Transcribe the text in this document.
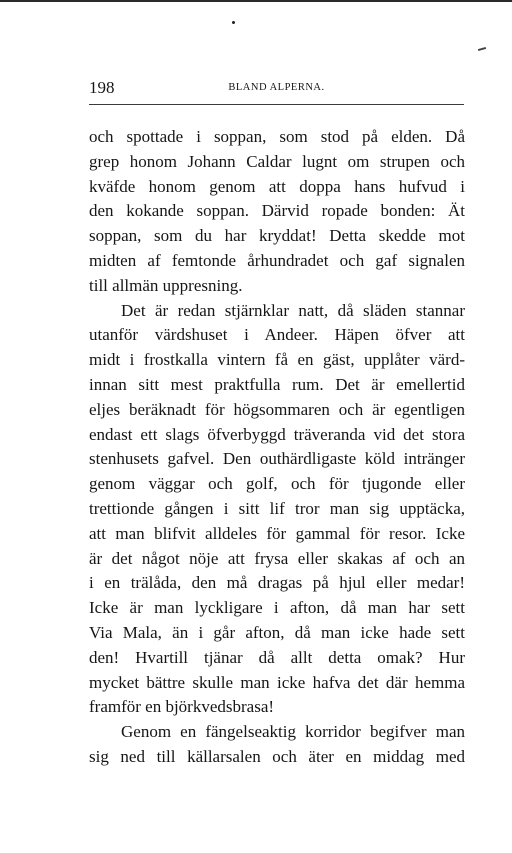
198	BLAND ALPERNA.
och spottade i soppan, som stod på elden. Då
grep honom Johann Caldar lugnt om strupen och
kväfde honom genom att doppa hans hufvud i
den kokande soppan. Därvid ropade bonden: Ät
soppan, som du har kryddat! Detta skedde mot
midten af femtonde århundradet och gaf signalen
till allmän uppresning.
Det är redan stjärnklar natt, då släden stannar
utanför värdshuset i Andeer. Häpen öfver att
midt i frostkalla vintern få en gäst, upplåter värd-
innan sitt mest praktfulla rum. Det är emellertid
eljes beräknadt för högsommaren och är egentligen
endast ett slags öfverbyggd träveranda vid det stora
stenhusets gafvel. Den outhärdligaste köld intränger
genom väggar och golf, och för tjugonde eller
trettionde gången i sitt lif tror man sig upptäcka,
att man blifvit alldeles för gammal för resor. Icke
är det något nöje att frysa eller skakas af och an
i en trälåda, den må dragas på hjul eller medar!
Icke är man lyckligare i afton, då man har sett
Via Mala, än i går afton, då man icke hade sett
den! Hvartill tjänar då allt detta omak? Hur
mycket bättre skulle man icke hafva det där hemma
framför en björkvedsbrasa!
Genom en fängelseaktig korridor begifver man
sig ned till källarsalen och äter en middag med
